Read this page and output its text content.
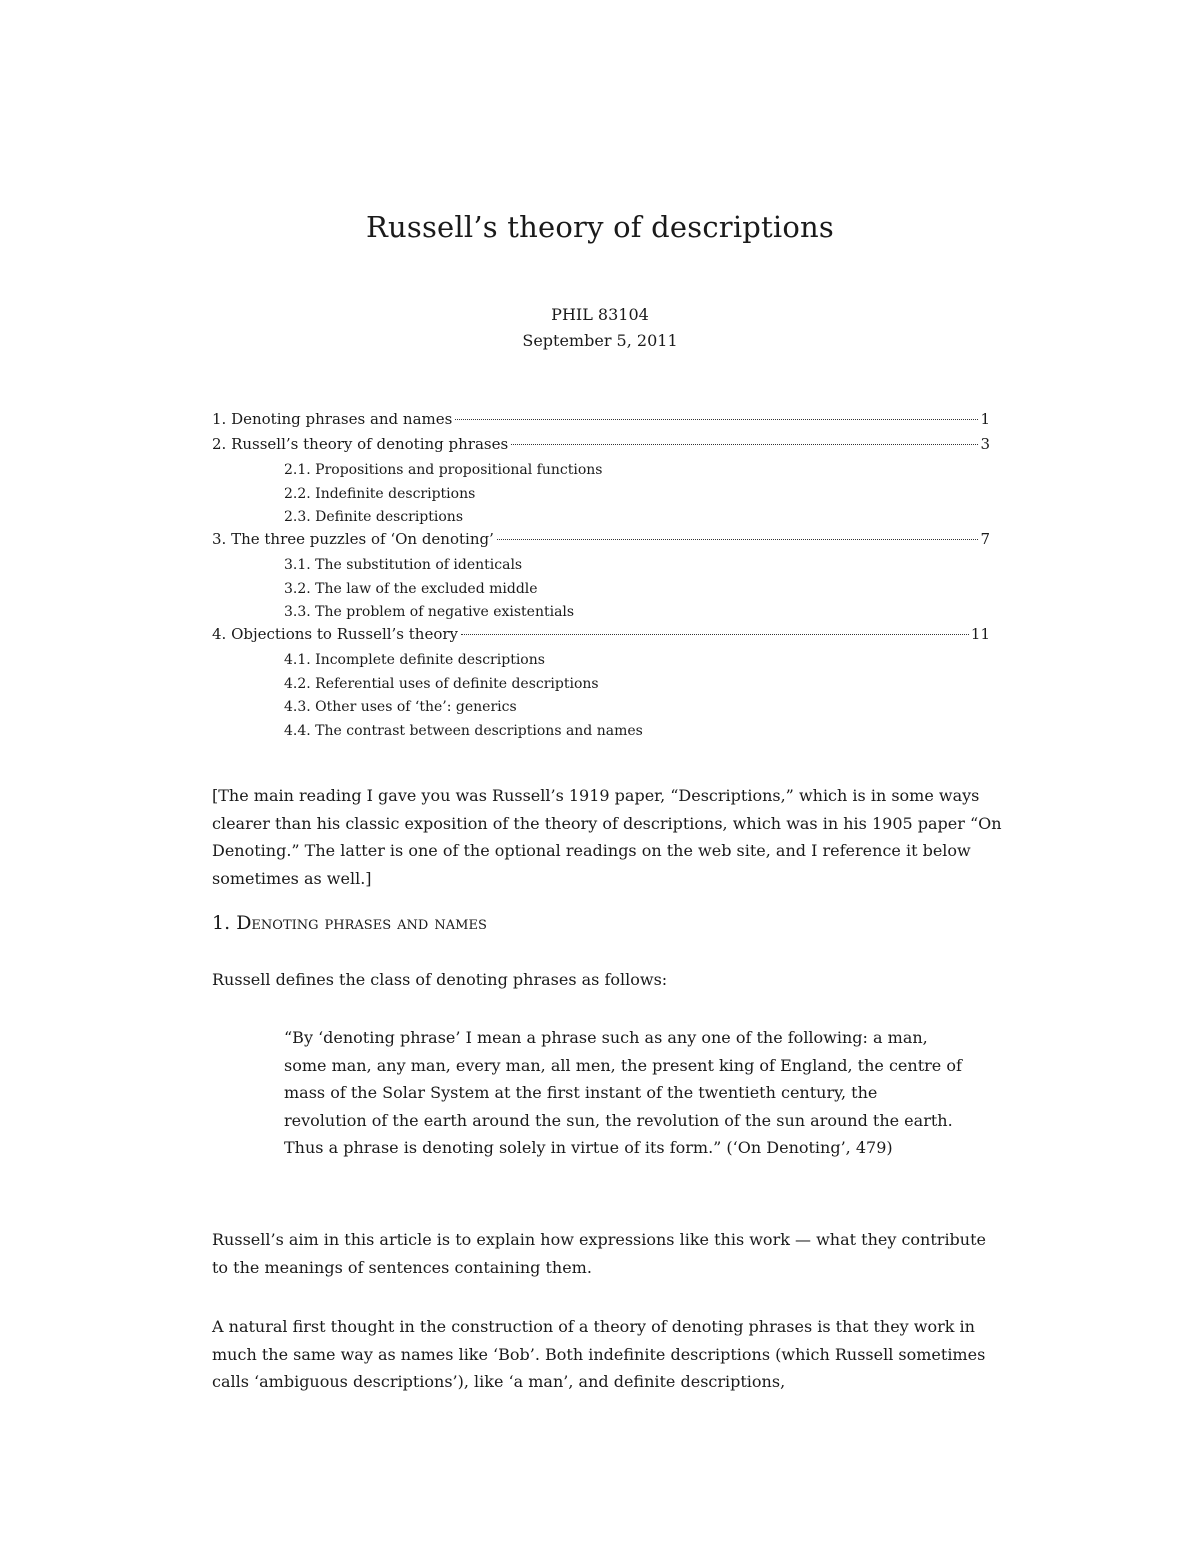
Russell’s theory of descriptions
PHIL 83104
September 5, 2011
1. Denoting phrases and names	1
2. Russell’s theory of denoting phrases	3
2.1. Propositions and propositional functions
2.2. Indefinite descriptions
2.3. Definite descriptions
3. The three puzzles of ‘On denoting’	7
3.1. The substitution of identicals
3.2. The law of the excluded middle
3.3. The problem of negative existentials
4. Objections to Russell’s theory	11
4.1. Incomplete definite descriptions
4.2. Referential uses of definite descriptions
4.3. Other uses of ‘the’: generics
4.4. The contrast between descriptions and names
[The main reading I gave you was Russell’s 1919 paper, “Descriptions,” which is in some ways clearer than his classic exposition of the theory of descriptions, which was in his 1905 paper “On Denoting.” The latter is one of the optional readings on the web site, and I reference it below sometimes as well.]
1. Denoting phrases and names
Russell defines the class of denoting phrases as follows:
“By ‘denoting phrase’ I mean a phrase such as any one of the following: a man, some man, any man, every man, all men, the present king of England, the centre of mass of the Solar System at the first instant of the twentieth century, the revolution of the earth around the sun, the revolution of the sun around the earth. Thus a phrase is denoting solely in virtue of its form.” (‘On Denoting’, 479)
Russell’s aim in this article is to explain how expressions like this work — what they contribute to the meanings of sentences containing them.
A natural first thought in the construction of a theory of denoting phrases is that they work in much the same way as names like ‘Bob’. Both indefinite descriptions (which Russell sometimes calls ‘ambiguous descriptions’), like ‘a man’, and definite descriptions,
